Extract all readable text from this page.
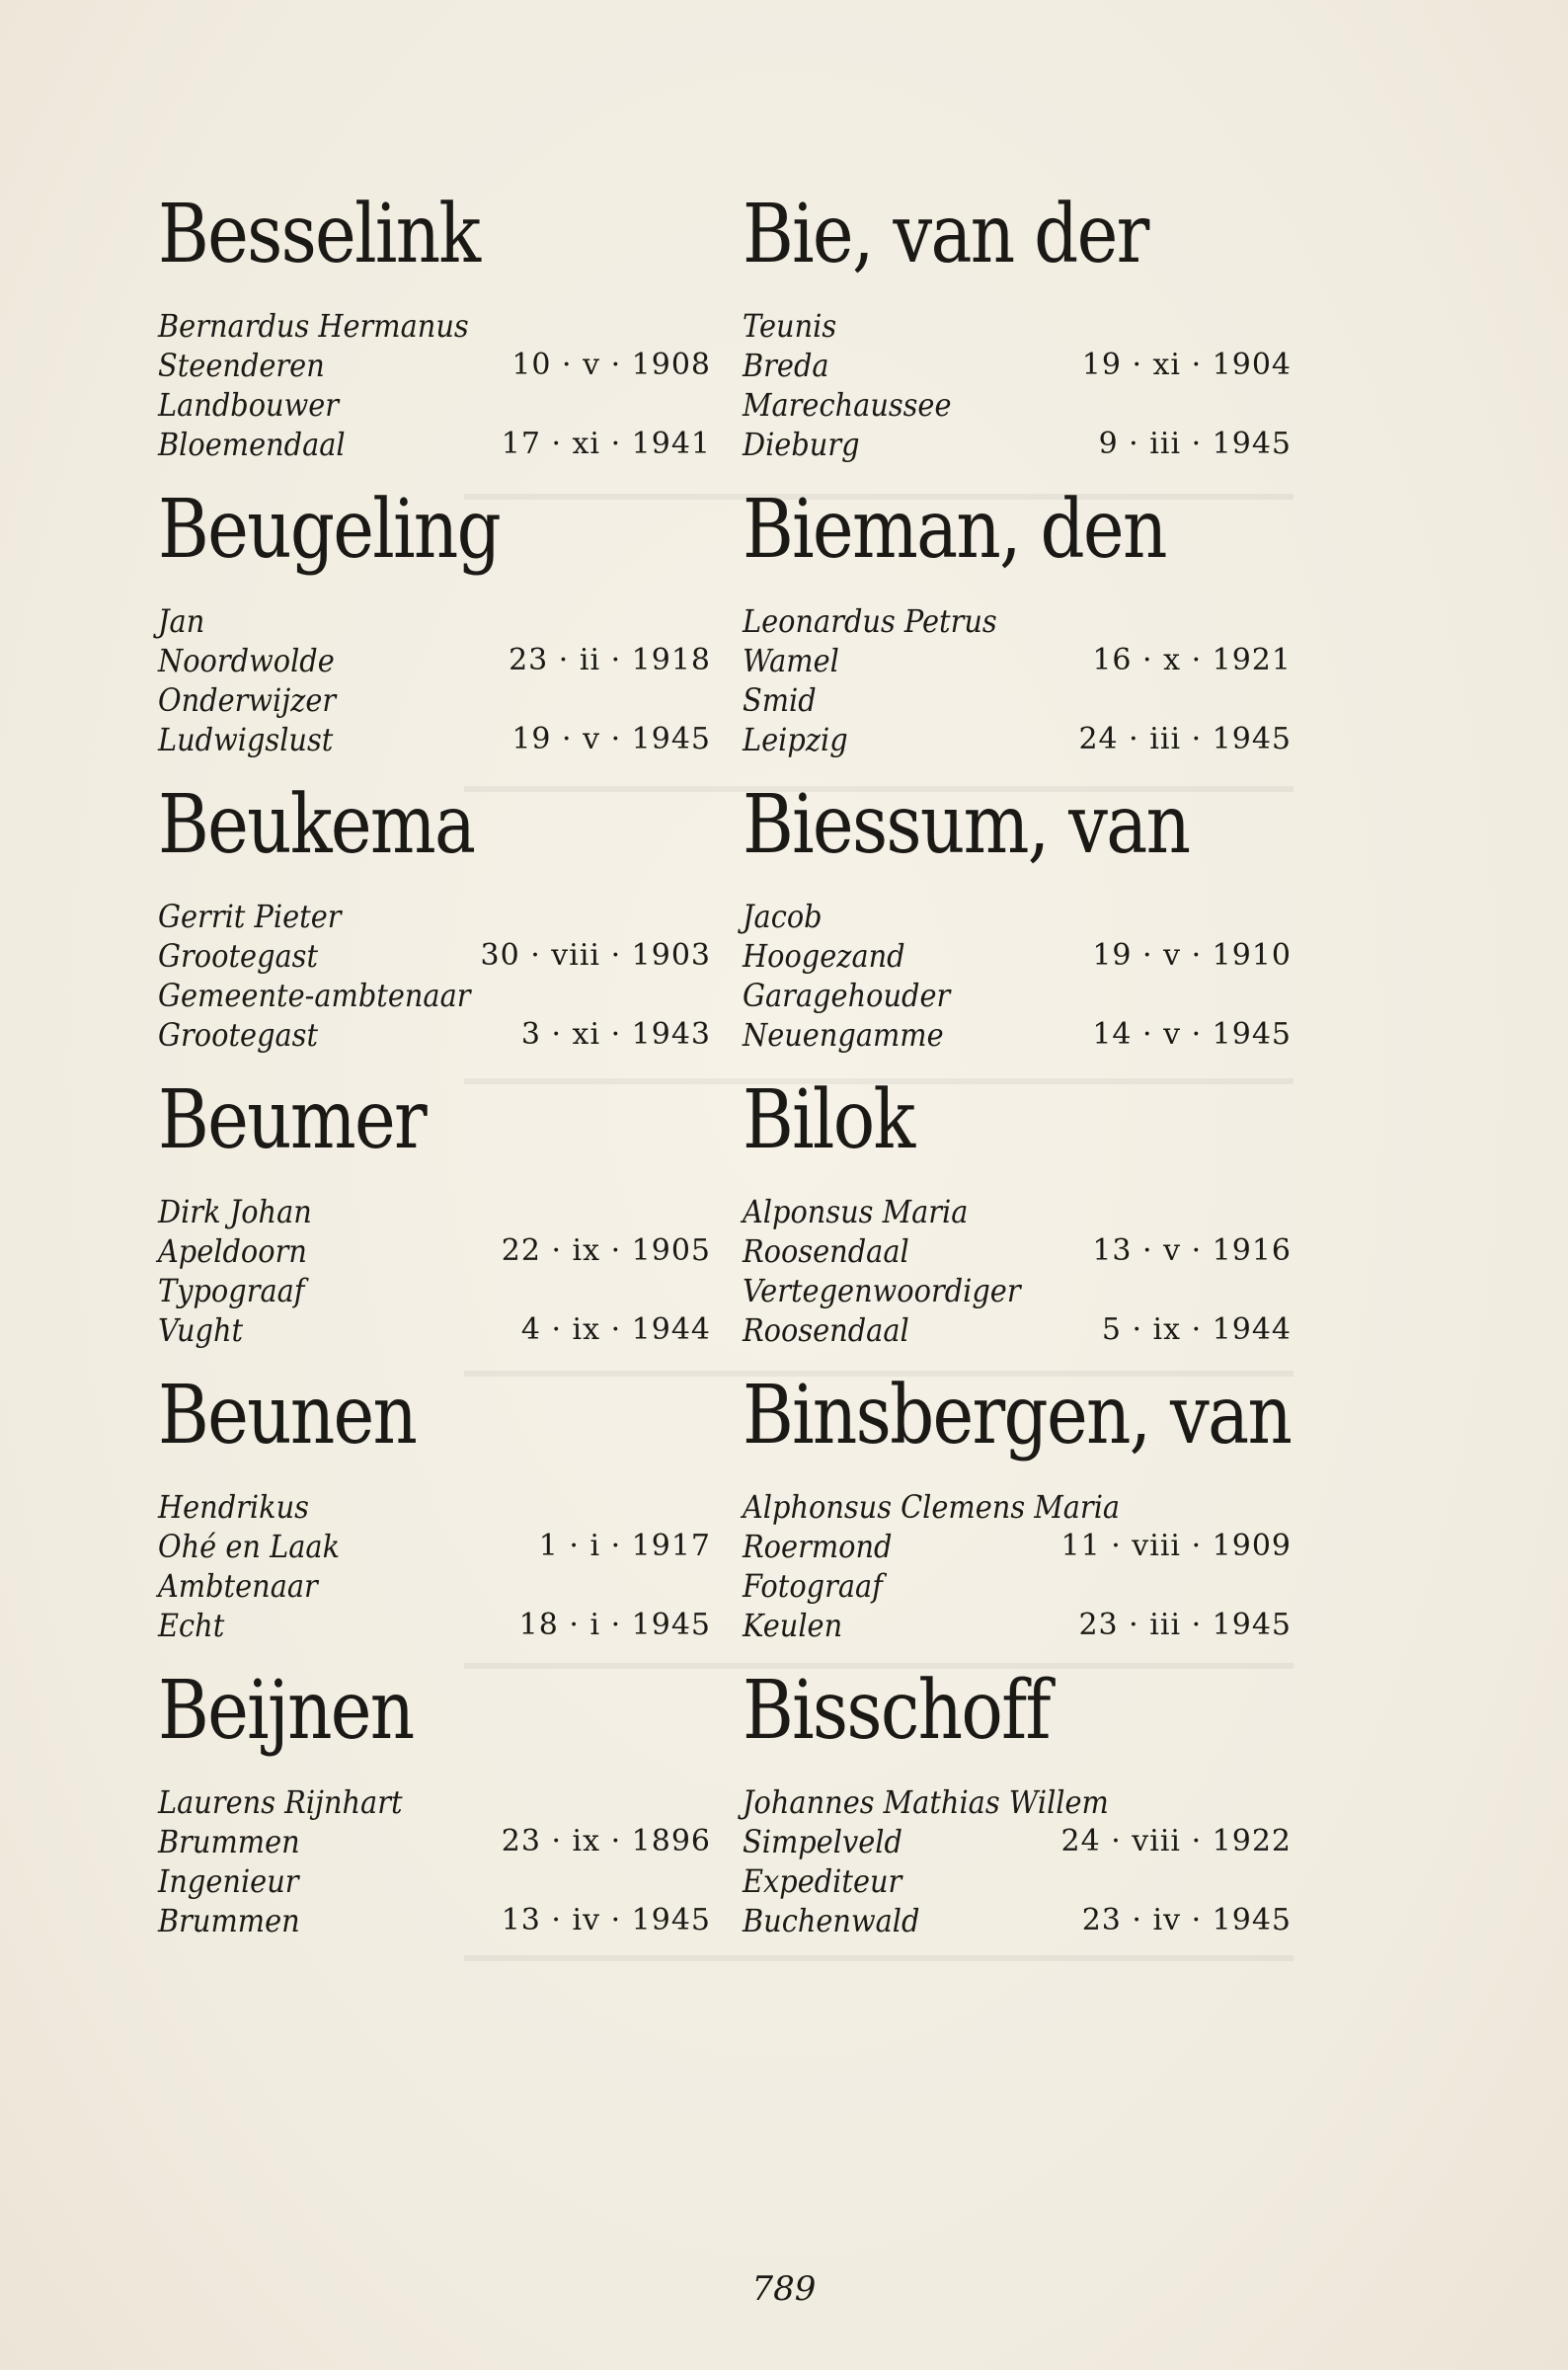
Besselink
Bernardus Hermanus
Steenderen	10 · v · 1908
Landbouwer
Bloemendaal	17 · xi · 1941
Beugeling
Jan
Noordwolde	23 · ii · 1918
Onderwijzer
Ludwigslust	19 · v · 1945
Beukema
Gerrit Pieter
Grootegast	30 · viii · 1903
Gemeente-ambtenaar
Grootegast	3 · xi · 1943
Beumer
Dirk Johan
Apeldoorn	22 · ix · 1905
Typograaf
Vught	4 · ix · 1944
Beunen
Hendrikus
Ohé en Laak	1 · i · 1917
Ambtenaar
Echt	18 · i · 1945
Beijnen
Laurens Rijnhart
Brummen	23 · ix · 1896
Ingenieur
Brummen	13 · iv · 1945
Bie, van der
Teunis
Breda	19 · xi · 1904
Marechaussee
Dieburg	9 · iii · 1945
Bieman, den
Leonardus Petrus
Wamel	16 · x · 1921
Smid
Leipzig	24 · iii · 1945
Biessum, van
Jacob
Hoogezand	19 · v · 1910
Garagehouder
Neuengamme	14 · v · 1945
Bilok
Alponsus Maria
Roosendaal	13 · v · 1916
Vertegenwoordiger
Roosendaal	5 · ix · 1944
Binsbergen, van
Alphonsus Clemens Maria
Roermond	11 · viii · 1909
Fotograaf
Keulen	23 · iii · 1945
Bisschoff
Johannes Mathias Willem
Simpelveld	24 · viii · 1922
Expediteur
Buchenwald	23 · iv · 1945
789
